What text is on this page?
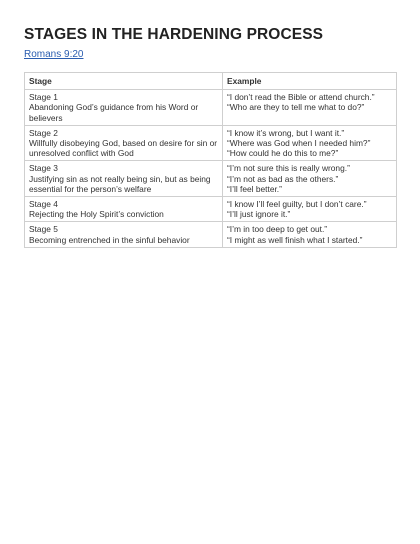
STAGES IN THE HARDENING PROCESS
Romans 9:20
Stage	Example

Stage 1
Abandoning God’s guidance from his Word or believers	“I don’t read the Bible or attend church.”
“Who are they to tell me what to do?”

Stage 2
Willfully disobeying God, based on desire for sin or unresolved conflict with God	“I know it’s wrong, but I want it.”
“Where was God when I needed him?”
“How could he do this to me?”

Stage 3
Justifying sin as not really being sin, but as being essential for the person’s welfare	“I’m not sure this is really wrong.”
“I’m not as bad as the others.”
“I’ll feel better.”

Stage 4
Rejecting the Holy Spirit’s conviction	“I know I’ll feel guilty, but I don’t care.”
“I’ll just ignore it.”

Stage 5
Becoming entrenched in the sinful behavior	“I’m in too deep to get out.”
“I might as well finish what I started.”
